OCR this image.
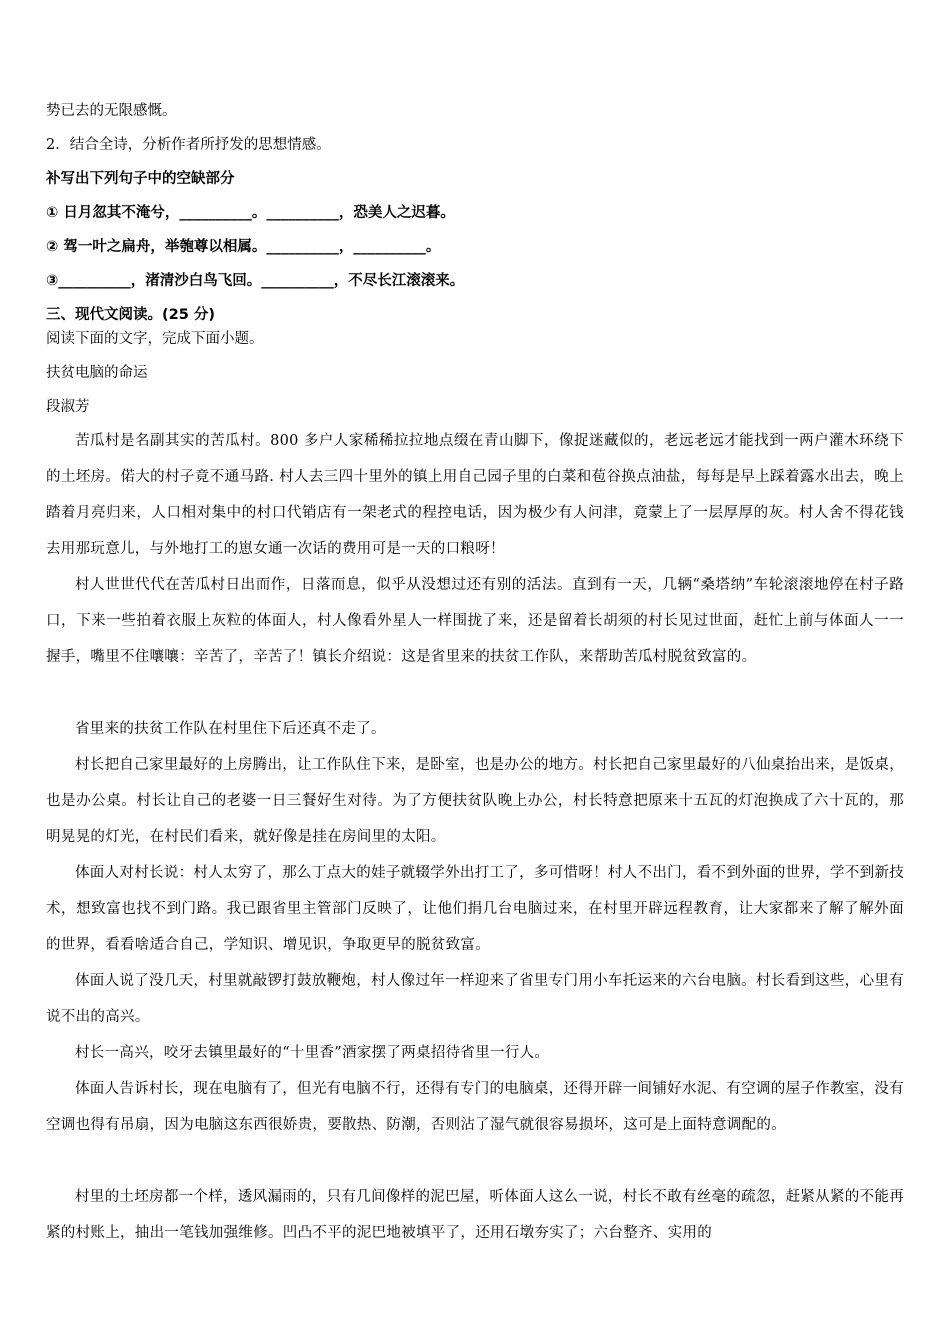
势已去的无限感慨。
2．结合全诗，分析作者所抒发的思想情感。
补写出下列句子中的空缺部分
① 日月忽其不淹兮，__________。__________，恐美人之迟暮。
② 驾一叶之扁舟，举匏尊以相属。__________，__________。
③__________，渚清沙白鸟飞回。__________，不尽长江滚滚来。
三、现代文阅读。(25 分)
阅读下面的文字，完成下面小题。
扶贫电脑的命运
段淑芳
苦瓜村是名副其实的苦瓜村。800 多户人家稀稀拉拉地点缀在青山脚下，像捉迷藏似的，老远老远才能找到一两户灌木环绕下的土坯房。偌大的村子竟不通马路. 村人去三四十里外的镇上用自己园子里的白菜和苞谷换点油盐，每每是早上踩着露水出去，晚上踏着月亮归来，人口相对集中的村口代销店有一架老式的程控电话，因为极少有人问津，竟蒙上了一层厚厚的灰。村人舍不得花钱去用那玩意儿，与外地打工的崽女通一次话的费用可是一天的口粮呀！
村人世世代代在苦瓜村日出而作，日落而息，似乎从没想过还有别的活法。直到有一天，几辆“桑塔纳”车轮滚滚地停在村子路口，下来一些拍着衣服上灰粒的体面人，村人像看外星人一样围拢了来，还是留着长胡须的村长见过世面，赶忙上前与体面人一一握手，嘴里不住嚷嚷：辛苦了，辛苦了！镇长介绍说：这是省里来的扶贫工作队，来帮助苦瓜村脱贫致富的。
省里来的扶贫工作队在村里住下后还真不走了。
村长把自己家里最好的上房腾出，让工作队住下来，是卧室，也是办公的地方。村长把自己家里最好的八仙桌抬出来，是饭桌，也是办公桌。村长让自己的老婆一日三餐好生对待。为了方便扶贫队晚上办公，村长特意把原来十五瓦的灯泡换成了六十瓦的，那明晃晃的灯光，在村民们看来，就好像是挂在房间里的太阳。
体面人对村长说：村人太穷了，那么丁点大的娃子就辍学外出打工了，多可惜呀！村人不出门，看不到外面的世界，学不到新技术，想致富也找不到门路。我已跟省里主管部门反映了，让他们捐几台电脑过来，在村里开辟远程教育，让大家都来了解了解外面的世界，看看啥适合自己，学知识、增见识，争取更早的脱贫致富。
体面人说了没几天，村里就敲锣打鼓放鞭炮，村人像过年一样迎来了省里专门用小车托运来的六台电脑。村长看到这些，心里有说不出的高兴。
村长一高兴，咬牙去镇里最好的“十里香”酒家摆了两桌招待省里一行人。
体面人告诉村长，现在电脑有了，但光有电脑不行，还得有专门的电脑桌，还得开辟一间铺好水泥、有空调的屋子作教室，没有空调也得有吊扇，因为电脑这东西很娇贵，要散热、防潮，否则沾了湿气就很容易损坏，这可是上面特意调配的。
村里的土坯房都一个样，透风漏雨的，只有几间像样的泥巴屋，听体面人这么一说，村长不敢有丝毫的疏忽，赶紧从紧的不能再紧的村账上，抽出一笔钱加强维修。凹凸不平的泥巴地被填平了，还用石墩夯实了；六台整齐、实用的
